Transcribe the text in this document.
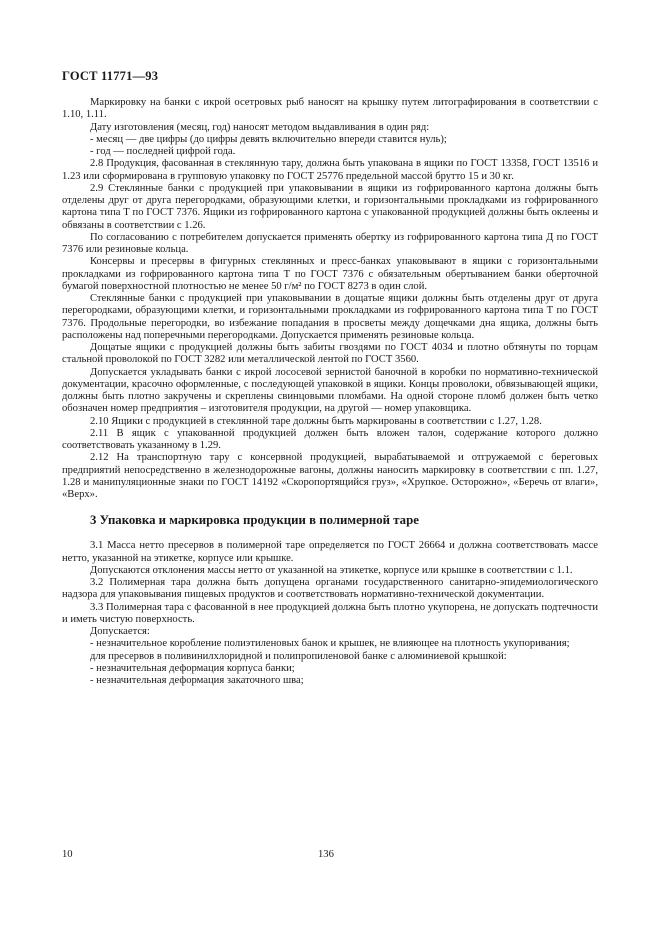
ГОСТ 11771—93

Маркировку на банки с икрой осетровых рыб наносят на крышку путем литографирования в соответствии с 1.10, 1.11.

Дату изготовления (месяц, год) наносят методом выдавливания в один ряд:

- месяц — две цифры (до цифры девять включительно впереди ставится нуль);

- год — последней цифрой года.

2.8 Продукция, фасованная в стеклянную тару, должна быть упакована в ящики по ГОСТ 13358, ГОСТ 13516 и 1.23 или сформирована в групповую упаковку по ГОСТ 25776 предельной массой брутто 15 и 30 кг.

2.9 Стеклянные банки с продукцией при упаковывании в ящики из гофрированного картона должны быть отделены друг от друга перегородками, образующими клетки, и горизонтальными прокладками из гофрированного картона типа Т по ГОСТ 7376. Ящики из гофрированного картона с упакованной продукцией должны быть оклеены и обвязаны в соответствии с 1.26.

По согласованию с потребителем допускается применять обертку из гофрированного картона типа Д по ГОСТ 7376 или резиновые кольца.

Консервы и пресервы в фигурных стеклянных и пресс-банках упаковывают в ящики с горизонтальными прокладками из гофрированного картона типа Т по ГОСТ 7376 с обязательным обертыванием банки оберточной бумагой поверхностной плотностью не менее 50 г/м² по ГОСТ 8273 в один слой.

Стеклянные банки с продукцией при упаковывании в дощатые ящики должны быть отделены друг от друга перегородками, образующими клетки, и горизонтальными прокладками из гофрированного картона типа Т по ГОСТ 7376. Продольные перегородки, во избежание попадания в просветы между дощечками дна ящика, должны быть расположены над поперечными перегородками. Допускается применять резиновые кольца.

Дощатые ящики с продукцией должны быть забиты гвоздями по ГОСТ 4034 и плотно обтянуты по торцам стальной проволокой по ГОСТ 3282 или металлической лентой по ГОСТ 3560.

Допускается укладывать банки с икрой лососевой зернистой баночной в коробки по нормативно-технической документации, красочно оформленные, с последующей упаковкой в ящики. Концы проволоки, обвязывающей ящики, должны быть плотно закручены и скреплены свинцовыми пломбами. На одной стороне пломб должен быть четко обозначен номер предприятия – изготовителя продукции, на другой — номер упаковщика.

2.10 Ящики с продукцией в стеклянной таре должны быть маркированы в соответствии с 1.27, 1.28.

2.11 В ящик с упакованной продукцией должен быть вложен талон, содержание которого должно соответствовать указанному в 1.29.

2.12 На транспортную тару с консервной продукцией, вырабатываемой и отгружаемой с береговых предприятий непосредственно в железнодорожные вагоны, должны наносить маркировку в соответствии с пп. 1.27, 1.28 и манипуляционные знаки по ГОСТ 14192 «Скоропортящийся груз», «Хрупкое. Осторожно», «Беречь от влаги», «Верх».

3 Упаковка и маркировка продукции в полимерной таре

3.1 Масса нетто пресервов в полимерной таре определяется по ГОСТ 26664 и должна соответствовать массе нетто, указанной на этикетке, корпусе или крышке.

Допускаются отклонения массы нетто от указанной на этикетке, корпусе или крышке в соответствии с 1.1.

3.2 Полимерная тара должна быть допущена органами государственного санитарно-эпидемиологического надзора для упаковывания пищевых продуктов и соответствовать нормативно-технической документации.

3.3 Полимерная тара с фасованной в нее продукцией должна быть плотно укупорена, не допускать подтечности и иметь чистую поверхность.

Допускается:

- незначительное коробление полиэтиленовых банок и крышек, не влияющее на плотность укупоривания;

для пресервов в поливинилхлоридной и полипропиленовой банке с алюминиевой крышкой:

- незначительная деформация корпуса банки;

- незначительная деформация закаточного шва;

10	136
